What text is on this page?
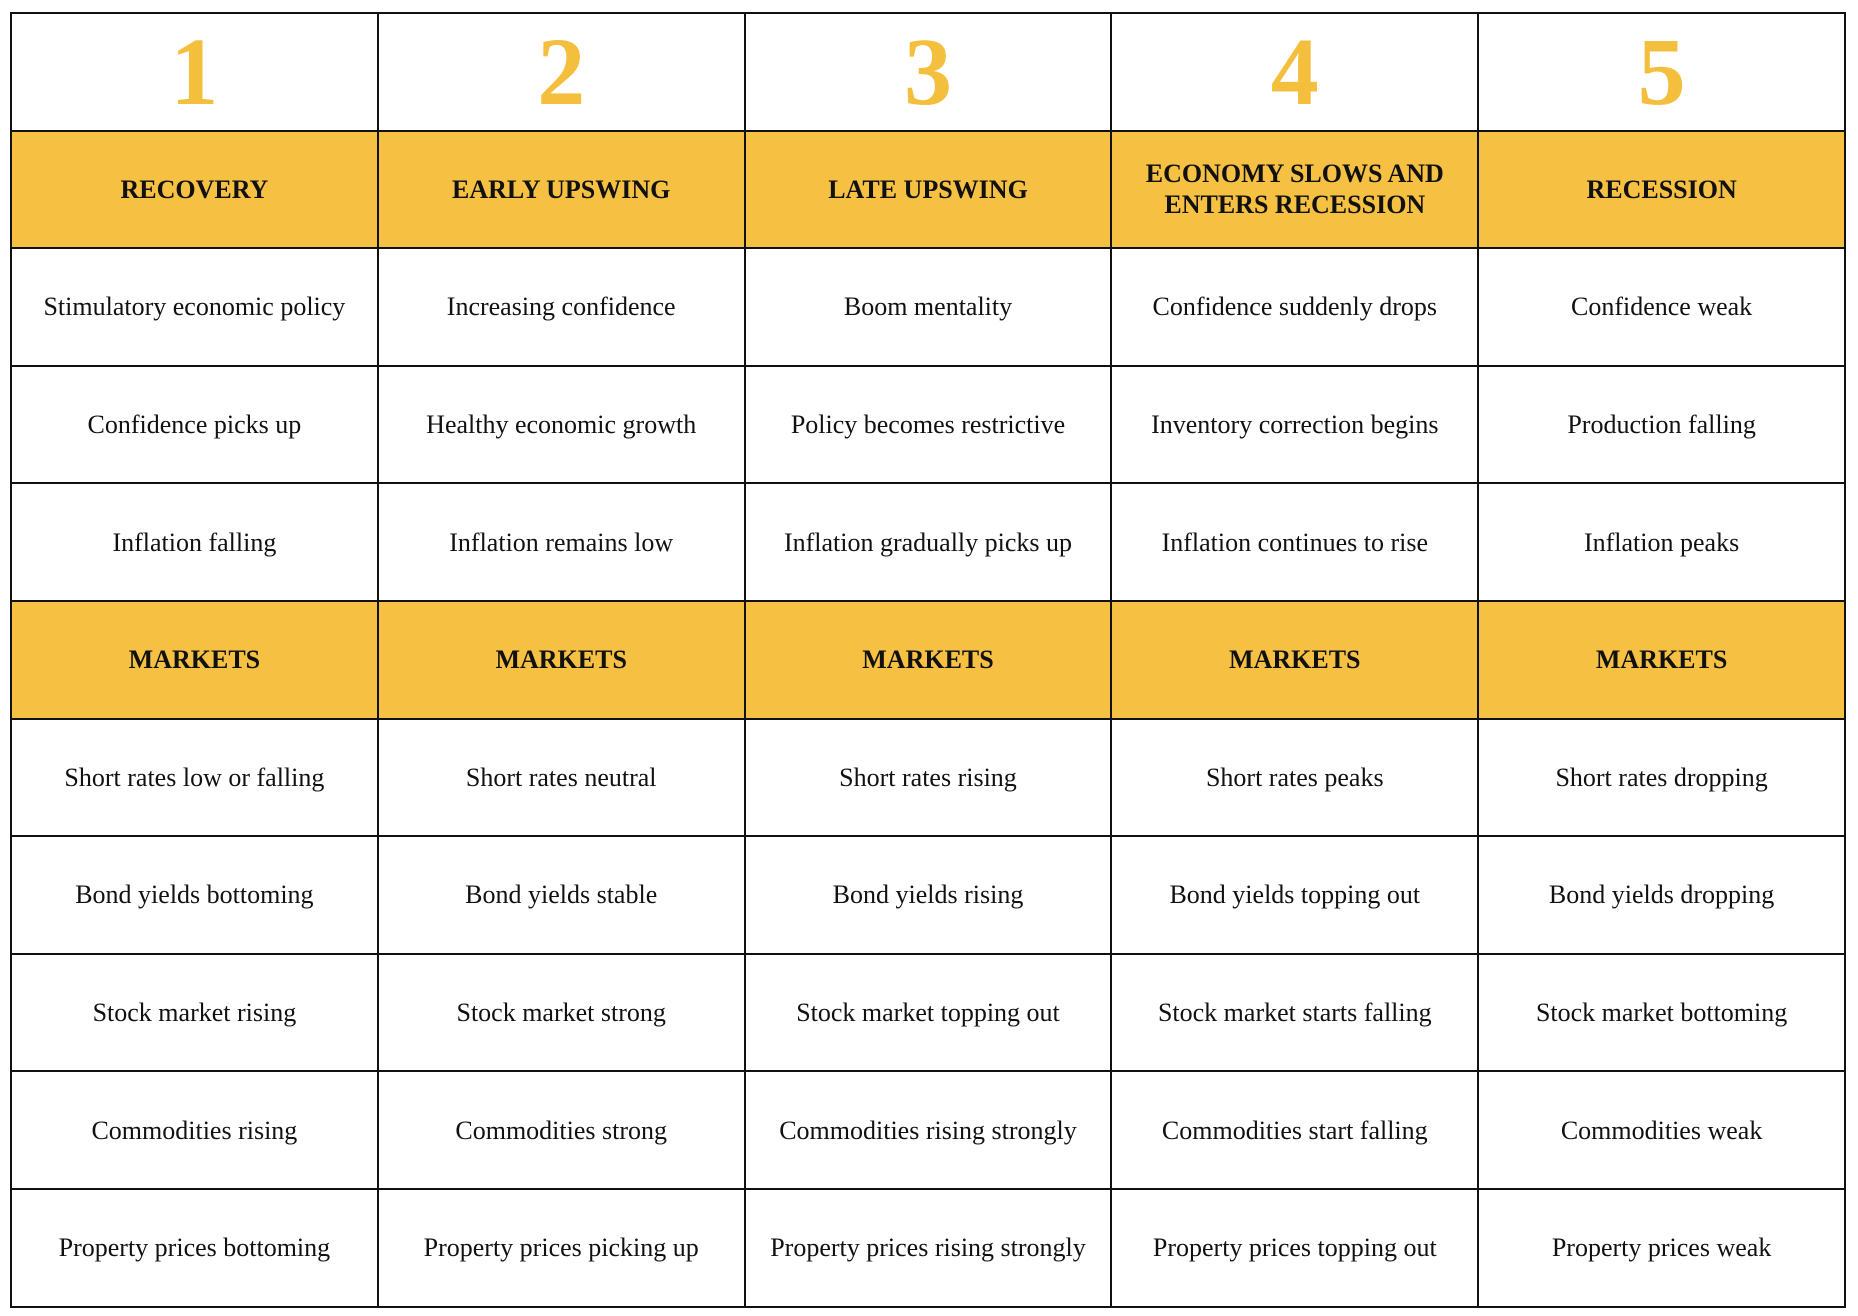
1	2	3	4	5
RECOVERY	EARLY UPSWING	LATE UPSWING	ECONOMY SLOWS AND ENTERS RECESSION	RECESSION
Stimulatory economic policy	Increasing confidence	Boom mentality	Confidence suddenly drops	Confidence weak
Confidence picks up	Healthy economic growth	Policy becomes restrictive	Inventory correction begins	Production falling
Inflation falling	Inflation remains low	Inflation gradually picks up	Inflation continues to rise	Inflation peaks
MARKETS	MARKETS	MARKETS	MARKETS	MARKETS
Short rates low or falling	Short rates neutral	Short rates rising	Short rates peaks	Short rates dropping
Bond yields bottoming	Bond yields stable	Bond yields rising	Bond yields topping out	Bond yields dropping
Stock market rising	Stock market strong	Stock market topping out	Stock market starts falling	Stock market bottoming
Commodities rising	Commodities strong	Commodities rising strongly	Commodities start falling	Commodities weak
Property prices bottoming	Property prices picking up	Property prices rising strongly	Property prices topping out	Property prices weak
